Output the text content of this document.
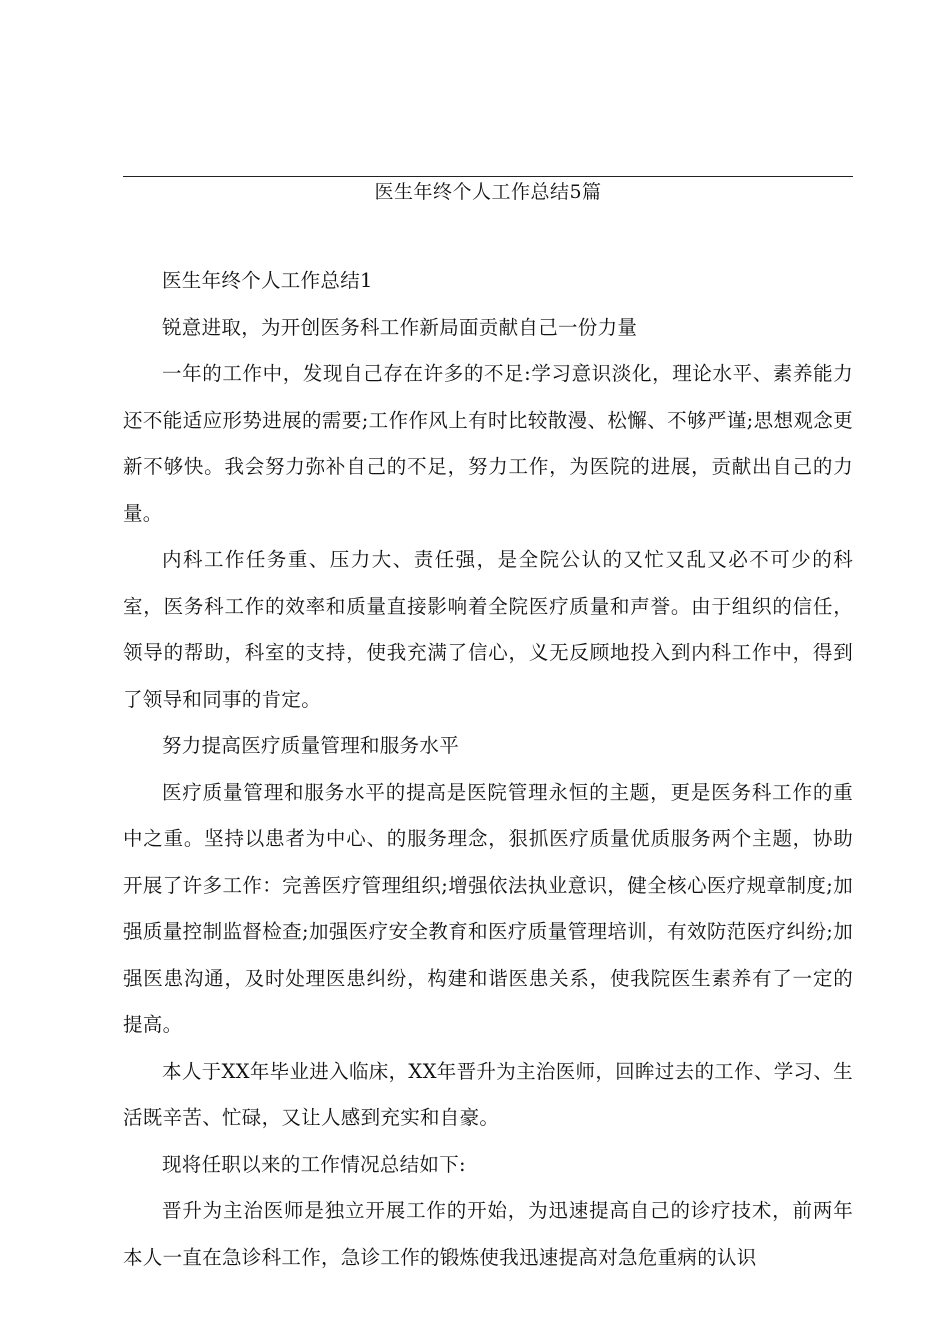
医生年终个人工作总结5篇

医生年终个人工作总结1

锐意进取，为开创医务科工作新局面贡献自己一份力量

一年的工作中，发现自己存在许多的不足:学习意识淡化，理论水平、素养能力还不能适应形势进展的需要;工作作风上有时比较散漫、松懈、不够严谨;思想观念更新不够快。我会努力弥补自己的不足，努力工作，为医院的进展，贡献出自己的力量。

内科工作任务重、压力大、责任强，是全院公认的又忙又乱又必不可少的科室，医务科工作的效率和质量直接影响着全院医疗质量和声誉。由于组织的信任，领导的帮助，科室的支持，使我充满了信心，义无反顾地投入到内科工作中，得到了领导和同事的肯定。

努力提高医疗质量管理和服务水平

医疗质量管理和服务水平的提高是医院管理永恒的主题，更是医务科工作的重中之重。坚持以患者为中心、的服务理念，狠抓医疗质量优质服务两个主题，协助开展了许多工作：完善医疗管理组织;增强依法执业意识，健全核心医疗规章制度;加强质量控制监督检查;加强医疗安全教育和医疗质量管理培训，有效防范医疗纠纷;加强医患沟通，及时处理医患纠纷，构建和谐医患关系，使我院医生素养有了一定的提高。

本人于XX年毕业进入临床，XX年晋升为主治医师，回眸过去的工作、学习、生活既辛苦、忙碌，又让人感到充实和自豪。

现将任职以来的工作情况总结如下:

晋升为主治医师是独立开展工作的开始，为迅速提高自己的诊疗技术，前两年本人一直在急诊科工作，急诊工作的锻炼使我迅速提高对急危重病的认识
